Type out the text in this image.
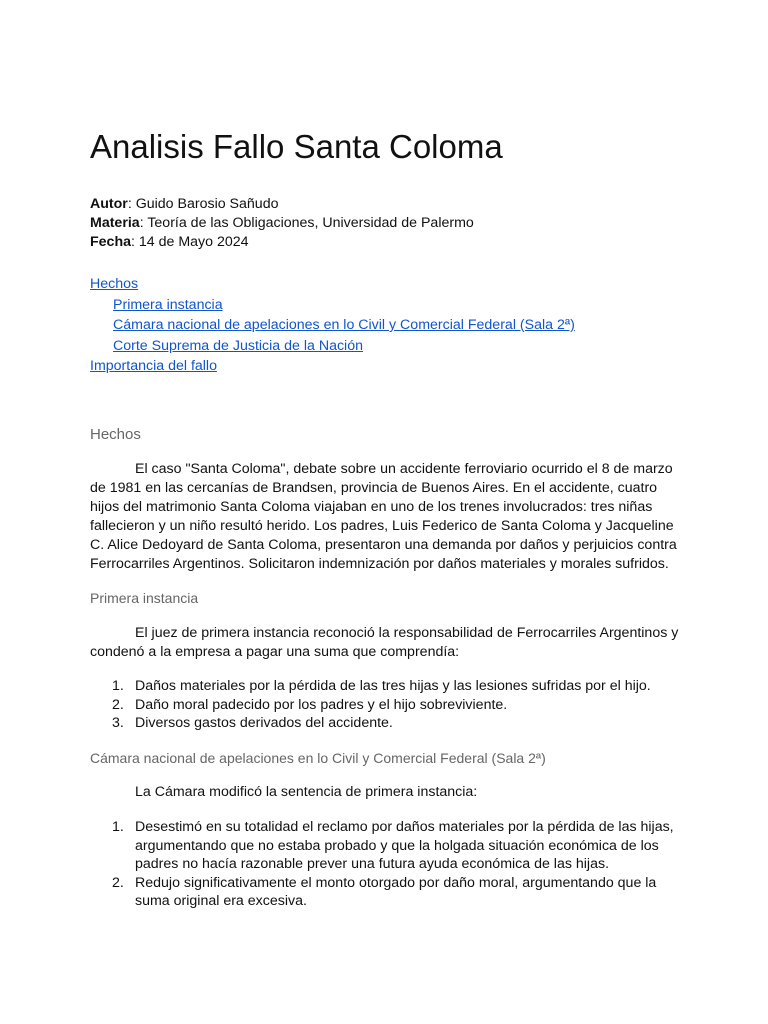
Analisis Fallo Santa Coloma
Autor: Guido Barosio Sañudo
Materia: Teoría de las Obligaciones, Universidad de Palermo
Fecha: 14 de Mayo 2024
Hechos
Primera instancia
Cámara nacional de apelaciones en lo Civil y Comercial Federal (Sala 2ª)
Corte Suprema de Justicia de la Nación
Importancia del fallo
Hechos

El caso "Santa Coloma", debate sobre un accidente ferroviario ocurrido el 8 de marzo de 1981 en las cercanías de Brandsen, provincia de Buenos Aires. En el accidente, cuatro hijos del matrimonio Santa Coloma viajaban en uno de los trenes involucrados: tres niñas fallecieron y un niño resultó herido. Los padres, Luis Federico de Santa Coloma y Jacqueline C. Alice Dedoyard de Santa Coloma, presentaron una demanda por daños y perjuicios contra Ferrocarriles Argentinos. Solicitaron indemnización por daños materiales y morales sufridos.

Primera instancia

El juez de primera instancia reconoció la responsabilidad de Ferrocarriles Argentinos y condenó a la empresa a pagar una suma que comprendía:

1. Daños materiales por la pérdida de las tres hijas y las lesiones sufridas por el hijo.
2. Daño moral padecido por los padres y el hijo sobreviviente.
3. Diversos gastos derivados del accidente.
Cámara nacional de apelaciones en lo Civil y Comercial Federal (Sala 2ª)

La Cámara modificó la sentencia de primera instancia:

1. Desestimó en su totalidad el reclamo por daños materiales por la pérdida de las hijas, argumentando que no estaba probado y que la holgada situación económica de los padres no hacía razonable prever una futura ayuda económica de las hijas.
2. Redujo significativamente el monto otorgado por daño moral, argumentando que la suma original era excesiva.
